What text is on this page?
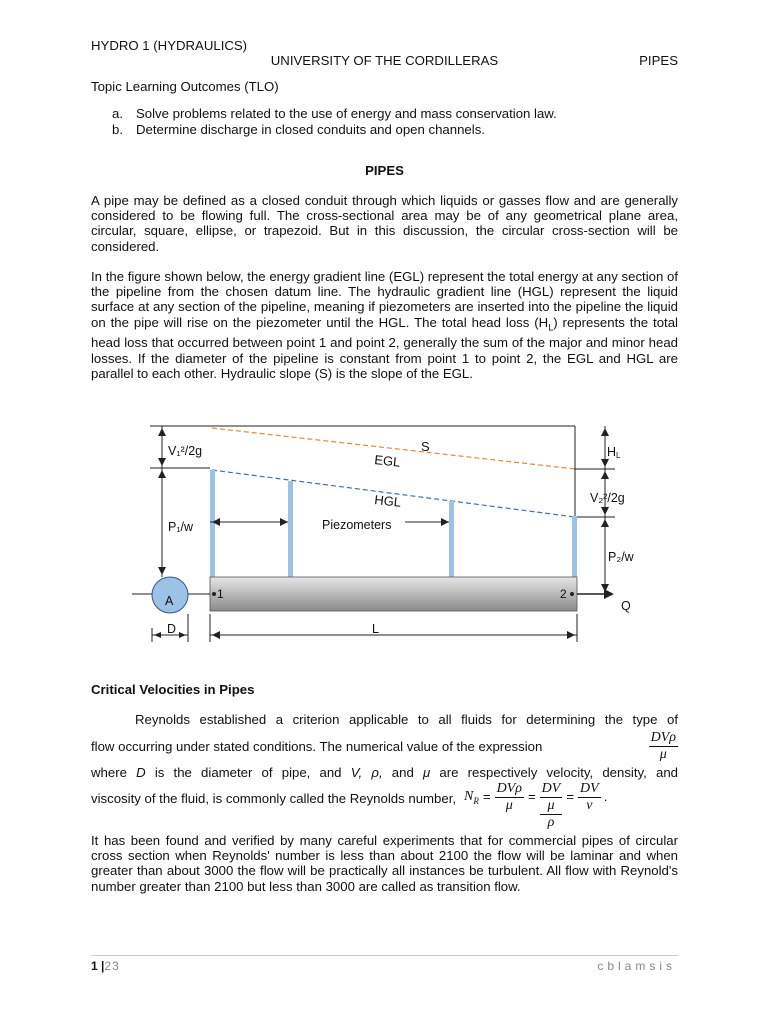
HYDRO 1 (HYDRAULICS)
UNIVERSITY OF THE CORDILLERAS	PIPES
Topic Learning Outcomes (TLO)
a. Solve problems related to the use of energy and mass conservation law.
b. Determine discharge in closed conduits and open channels.
PIPES
A pipe may be defined as a closed conduit through which liquids or gasses flow and are generally considered to be flowing full. The cross-sectional area may be of any geometrical plane area, circular, square, ellipse, or trapezoid. But in this discussion, the circular cross-section will be considered.
In the figure shown below, the energy gradient line (EGL) represent the total energy at any section of the pipeline from the chosen datum line. The hydraulic gradient line (HGL) represent the liquid surface at any section of the pipeline, meaning if piezometers are inserted into the pipeline the liquid on the pipe will rise on the piezometer until the HGL. The total head loss $(H_L)$ represents the total head loss that occurred between point 1 and point 2, generally the sum of the major and minor head losses. If the diameter of the pipeline is constant from point 1 to point 2, the EGL and HGL are parallel to each other. Hydraulic slope (S) is the slope of the EGL.
V₁²/2g
P₁/w
EGL
S
HGL
Piezometers
HL
V₂²/2g
P₂/w
1	2
A	Q
D	L
Critical Velocities in Pipes
Reynolds established a criterion applicable to all fluids for determining the type of
flow occurring under stated conditions. The numerical value of the expression	$\frac{\text{DVρ}}{\mu}$
where D is the diameter of pipe, and V, ρ, and μ are respectively velocity, density, and
viscosity of the fluid, is commonly called the Reynolds number, $N_R = \frac{\text{DVρ}}{\mu}$ =
DV
μ
ρ
= $\frac{DV}{\nu}$ .
It has been found and verified by many careful experiments that for commercial pipes of circular cross section when Reynolds' number is less than about 2100 the flow will be laminar and when greater than about 3000 the flow will be practically all instances be turbulent. All flow with Reynold's number greater than 2100 but less than 3000 are called as transition flow.
1 |23	cblamsis
